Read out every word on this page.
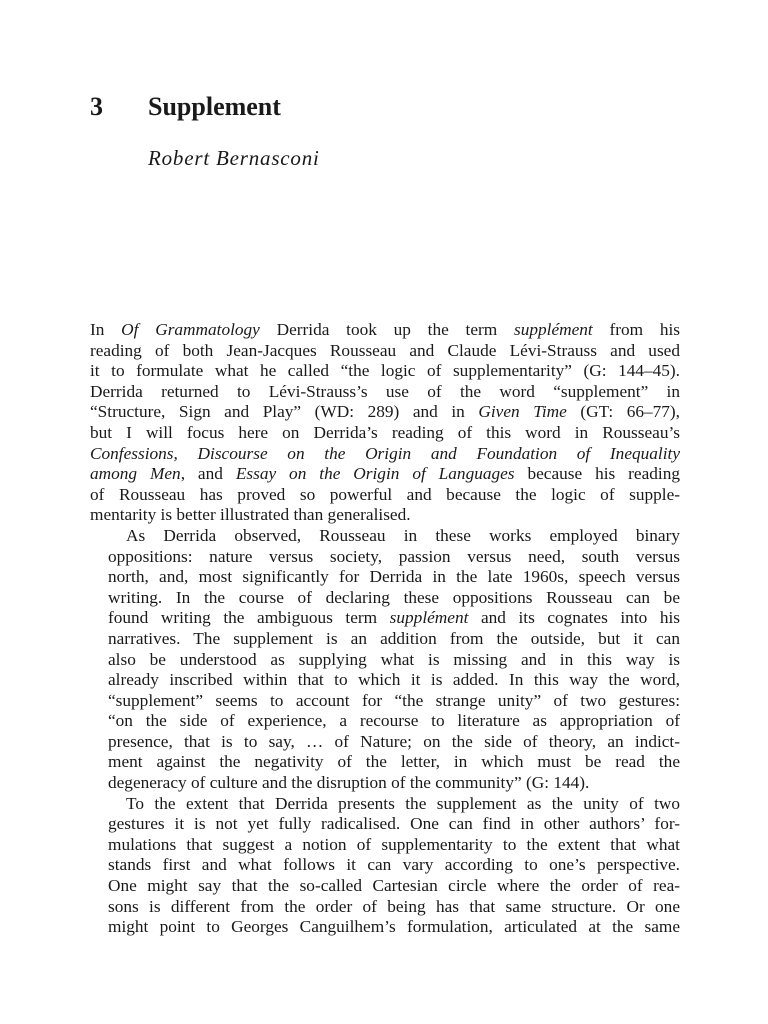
3	Supplement
Robert Bernasconi
In Of Grammatology Derrida took up the term supplément from his
reading of both Jean-Jacques Rousseau and Claude Lévi-Strauss and used
it to formulate what he called “the logic of supplementarity” (G: 144–45).
Derrida returned to Lévi-Strauss’s use of the word “supplement” in
“Structure, Sign and Play” (WD: 289) and in Given Time (GT: 66–77),
but I will focus here on Derrida’s reading of this word in Rousseau’s
Confessions, Discourse on the Origin and Foundation of Inequality
among Men, and Essay on the Origin of Languages because his reading
of Rousseau has proved so powerful and because the logic of supple-
mentarity is better illustrated than generalised.
As Derrida observed, Rousseau in these works employed binary
oppositions: nature versus society, passion versus need, south versus
north, and, most significantly for Derrida in the late 1960s, speech versus
writing. In the course of declaring these oppositions Rousseau can be
found writing the ambiguous term supplément and its cognates into his
narratives. The supplement is an addition from the outside, but it can
also be understood as supplying what is missing and in this way is
already inscribed within that to which it is added. In this way the word,
“supplement” seems to account for “the strange unity” of two gestures:
“on the side of experience, a recourse to literature as appropriation of
presence, that is to say, … of Nature; on the side of theory, an indict-
ment against the negativity of the letter, in which must be read the
degeneracy of culture and the disruption of the community” (G: 144).
To the extent that Derrida presents the supplement as the unity of two
gestures it is not yet fully radicalised. One can find in other authors’ for-
mulations that suggest a notion of supplementarity to the extent that what
stands first and what follows it can vary according to one’s perspective.
One might say that the so-called Cartesian circle where the order of rea-
sons is different from the order of being has that same structure. Or one
might point to Georges Canguilhem’s formulation, articulated at the same
